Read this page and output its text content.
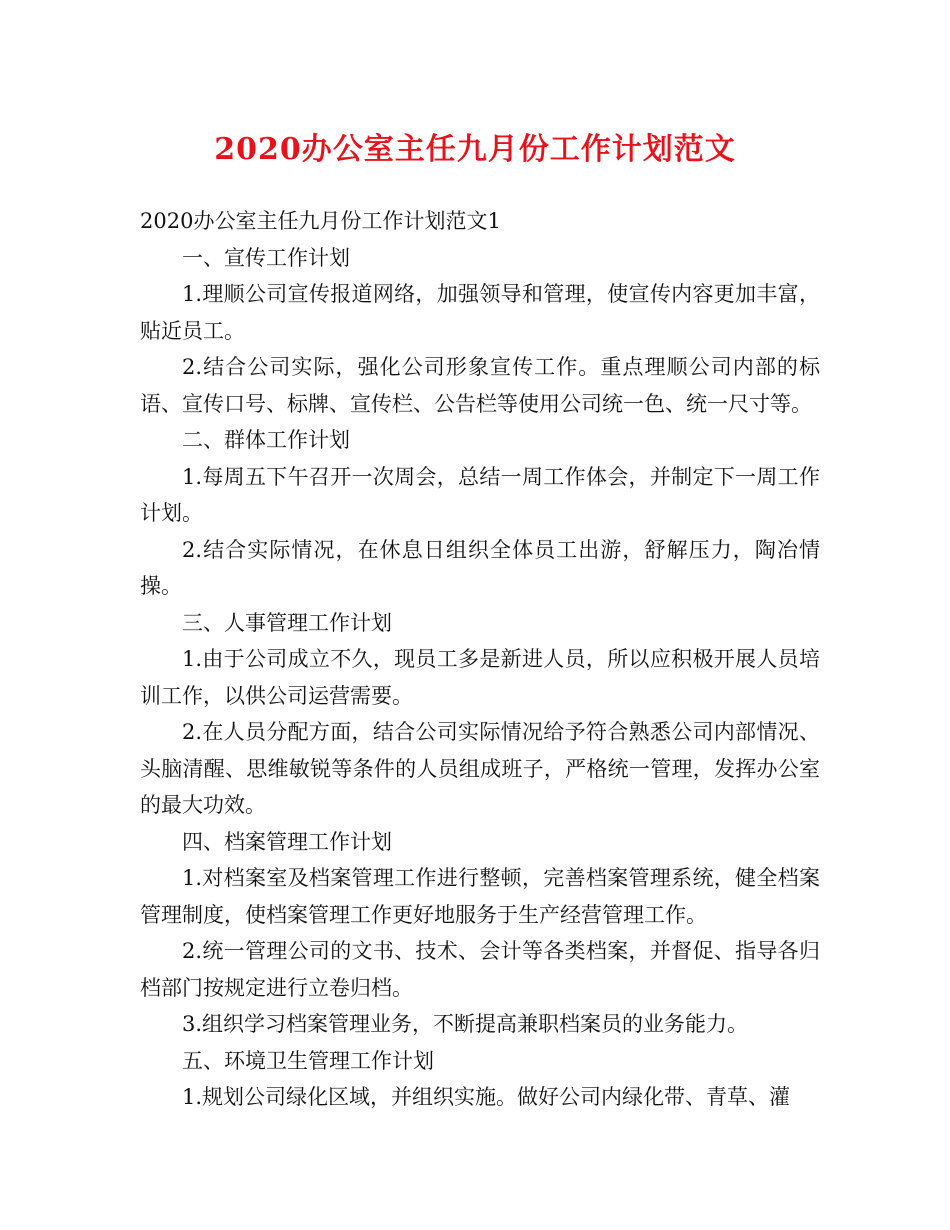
2020办公室主任九月份工作计划范文

2020办公室主任九月份工作计划范文1

一、宣传工作计划

1.理顺公司宣传报道网络，加强领导和管理，使宣传内容更加丰富，贴近员工。

2.结合公司实际，强化公司形象宣传工作。重点理顺公司内部的标语、宣传口号、标牌、宣传栏、公告栏等使用公司统一色、统一尺寸等。

二、群体工作计划

1.每周五下午召开一次周会，总结一周工作体会，并制定下一周工作计划。

2.结合实际情况，在休息日组织全体员工出游，舒解压力，陶冶情操。

三、人事管理工作计划

1.由于公司成立不久，现员工多是新进人员，所以应积极开展人员培训工作，以供公司运营需要。

2.在人员分配方面，结合公司实际情况给予符合熟悉公司内部情况、头脑清醒、思维敏锐等条件的人员组成班子，严格统一管理，发挥办公室的最大功效。

四、档案管理工作计划

1.对档案室及档案管理工作进行整顿，完善档案管理系统，健全档案管理制度，使档案管理工作更好地服务于生产经营管理工作。

2.统一管理公司的文书、技术、会计等各类档案，并督促、指导各归档部门按规定进行立卷归档。

3.组织学习档案管理业务，不断提高兼职档案员的业务能力。

五、环境卫生管理工作计划

1.规划公司绿化区域，并组织实施。做好公司内绿化带、青草、灌
